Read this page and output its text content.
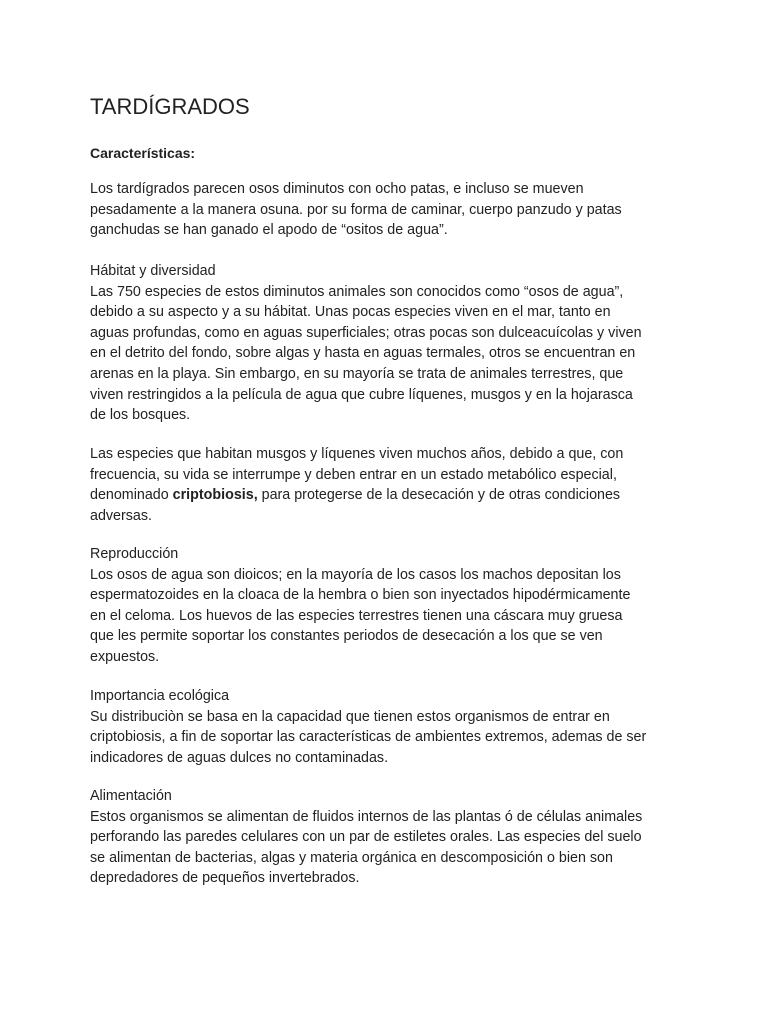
TARDÍGRADOS

Características:

Los tardígrados parecen osos diminutos con ocho patas, e incluso se mueven
pesadamente a la manera osuna. por su forma de caminar, cuerpo panzudo y patas
ganchudas se han ganado el apodo de “ositos de agua”.

Hábitat y diversidad
Las 750 especies de estos diminutos animales son conocidos como “osos de agua”,
debido a su aspecto y a su hábitat. Unas pocas especies viven en el mar, tanto en
aguas profundas, como en aguas superficiales; otras pocas son dulceacuícolas y viven
en el detrito del fondo, sobre algas y hasta en aguas termales, otros se encuentran en
arenas en la playa. Sin embargo, en su mayoría se trata de animales terrestres, que
viven restringidos a la película de agua que cubre líquenes, musgos y en la hojarasca
de los bosques.

Las especies que habitan musgos y líquenes viven muchos años, debido a que, con
frecuencia, su vida se interrumpe y deben entrar en un estado metabólico especial,
denominado criptobiosis, para protegerse de la desecación y de otras condiciones
adversas.

Reproducción
Los osos de agua son dioicos; en la mayoría de los casos los machos depositan los
espermatozoides en la cloaca de la hembra o bien son inyectados hipodérmicamente
en el celoma. Los huevos de las especies terrestres tienen una cáscara muy gruesa
que les permite soportar los constantes periodos de desecación a los que se ven
expuestos.
Importancia ecológica
Su distribuciòn se basa en la capacidad que tienen estos organismos de entrar en
criptobiosis, a fin de soportar las características de ambientes extremos, ademas de ser
indicadores de aguas dulces no contaminadas.
Alimentación
Estos organismos se alimentan de fluidos internos de las plantas ó de células animales
perforando las paredes celulares con un par de estiletes orales. Las especies del suelo
se alimentan de bacterias, algas y materia orgánica en descomposición o bien son
depredadores de pequeños invertebrados.
